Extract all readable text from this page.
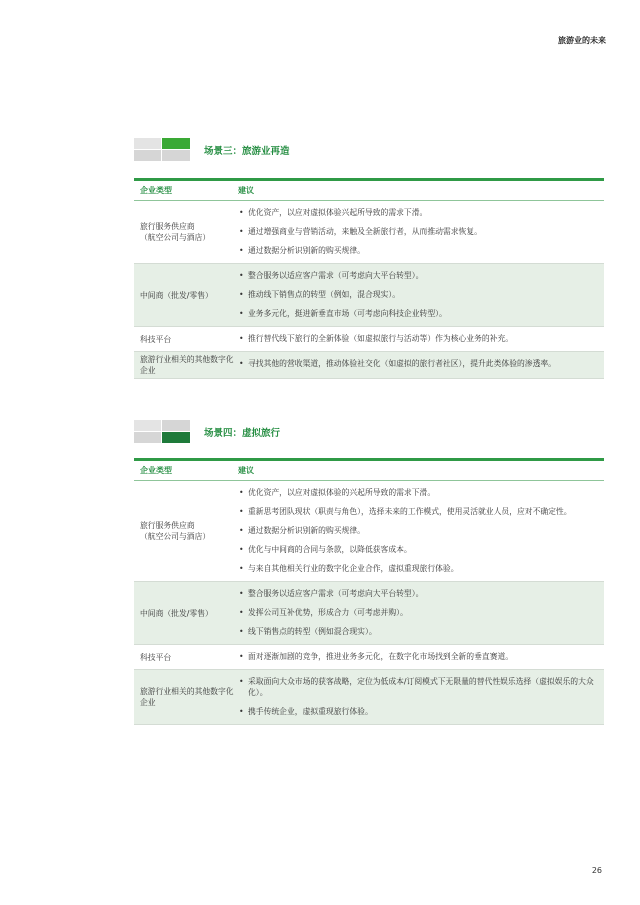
旅游业的未来
场景三：旅游业再造
企业类型	建议
旅行服务供应商
（航空公司与酒店）
• 优化资产，以应对虚拟体验兴起所导致的需求下滑。
• 通过增强商业与营销活动，来触及全新旅行者，从而推动需求恢复。
• 通过数据分析识别新的购买规律。
中间商（批发/零售）
• 整合服务以适应客户需求（可考虑向大平台转型）。
• 推动线下销售点的转型（例如，混合现实）。
• 业务多元化，挺进新垂直市场（可考虑向科技企业转型）。
科技平台	• 推行替代线下旅行的全新体验（如虚拟旅行与活动等）作为核心业务的补充。
旅游行业相关的其他数字化企业
• 寻找其他的营收渠道，推动体验社交化（如虚拟的旅行者社区），提升此类体验的渗透率。
场景四：虚拟旅行
企业类型	建议
旅行服务供应商
（航空公司与酒店）
• 优化资产，以应对虚拟体验的兴起所导致的需求下滑。
• 重新思考团队现状（职责与角色），选择未来的工作模式，使用灵活就业人员，应对不确定性。
• 通过数据分析识别新的购买规律。
• 优化与中间商的合同与条款，以降低获客成本。
• 与来自其他相关行业的数字化企业合作，虚拟重现旅行体验。
中间商（批发/零售）
• 整合服务以适应客户需求（可考虑向大平台转型）。
• 发挥公司互补优势，形成合力（可考虑并购）。
• 线下销售点的转型（例如混合现实）。
科技平台	• 面对逐渐加剧的竞争，推进业务多元化，在数字化市场找到全新的垂直赛道。
旅游行业相关的其他数字化企业
• 采取面向大众市场的获客战略，定位为低成本/订阅模式下无限量的替代性娱乐选择（虚拟娱乐的大众化）。
• 携手传统企业，虚拟重现旅行体验。
26
